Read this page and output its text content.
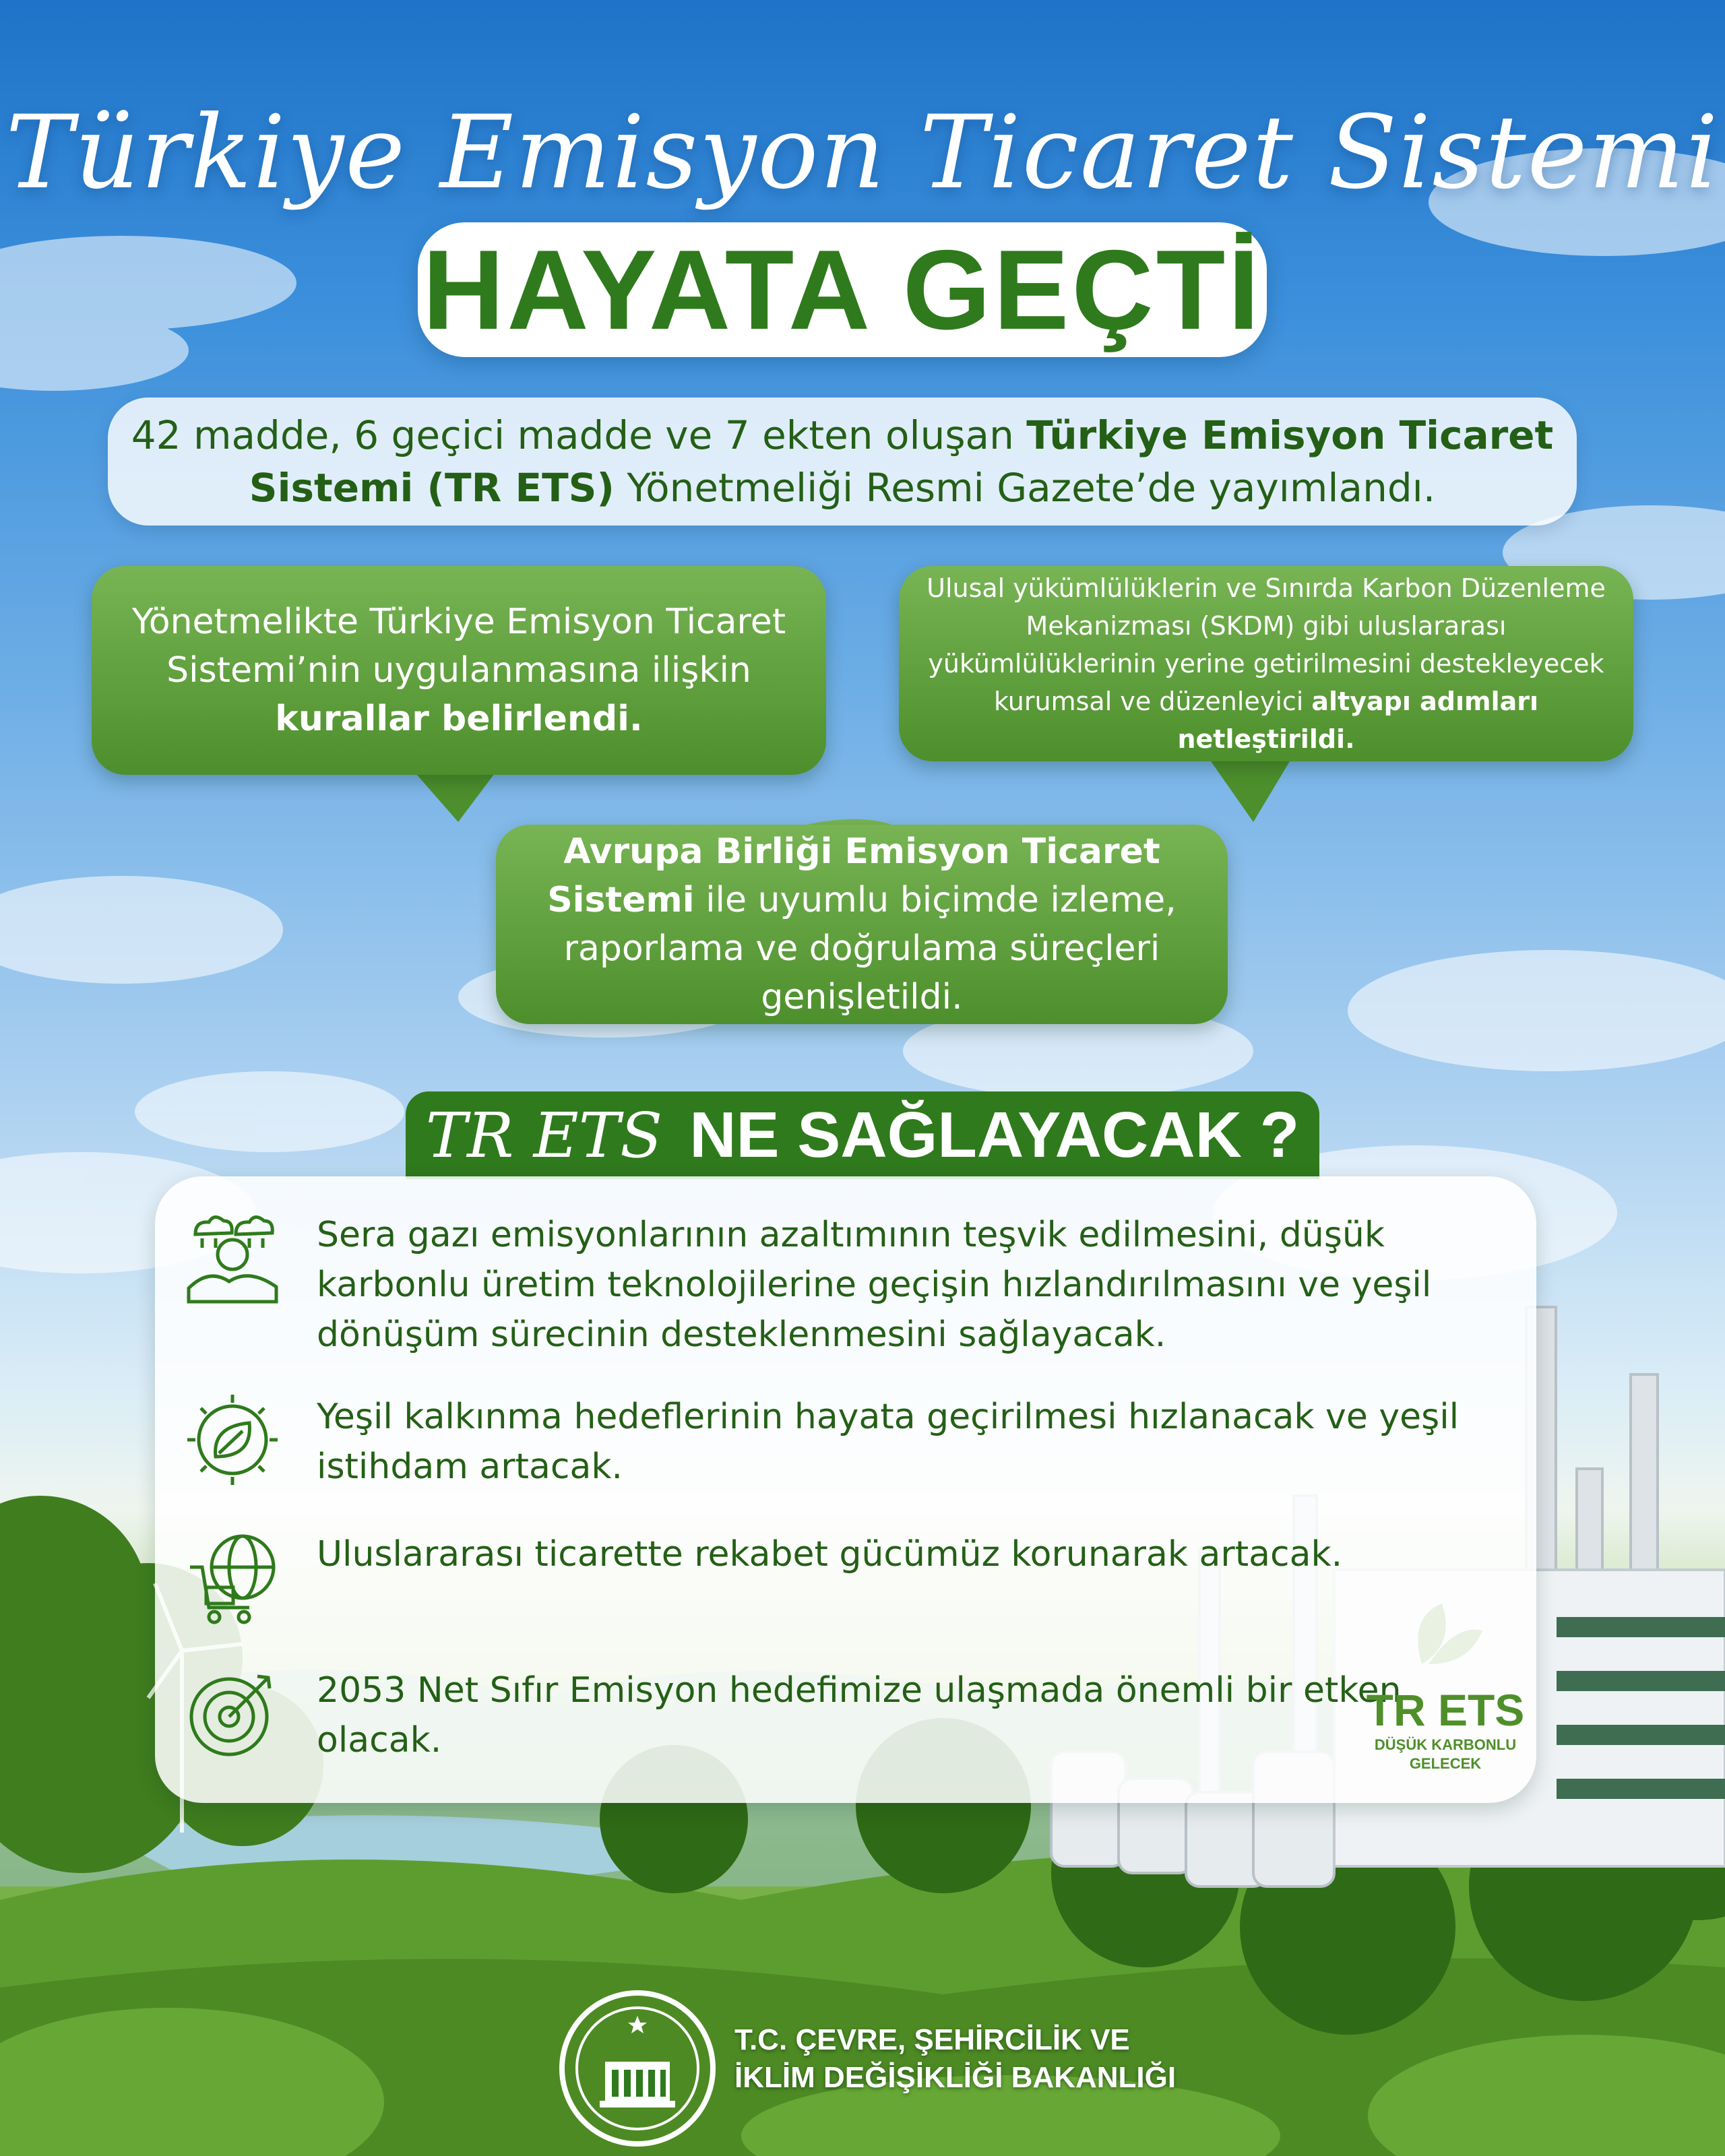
Türkiye Emisyon Ticaret Sistemi
HAYATA GEÇTİ
42 madde, 6 geçici madde ve 7 ekten oluşan Türkiye Emisyon Ticaret Sistemi (TR ETS) Yönetmeliği Resmi Gazete’de yayımlandı.
Yönetmelikte Türkiye Emisyon Ticaret Sistemi’nin uygulanmasına ilişkin kurallar belirlendi.
Ulusal yükümlülüklerin ve Sınırda Karbon Düzenleme Mekanizması (SKDM) gibi uluslararası yükümlülüklerinin yerine getirilmesini destekleyecek kurumsal ve düzenleyici altyapı adımları netleştirildi.
Avrupa Birliği Emisyon Ticaret Sistemi ile uyumlu biçimde izleme, raporlama ve doğrulama süreçleri genişletildi.
TR ETS NE SAĞLAYACAK ?
Sera gazı emisyonlarının azaltımının teşvik edilmesini, düşük karbonlu üretim teknolojilerine geçişin hızlandırılmasını ve yeşil dönüşüm sürecinin desteklenmesini sağlayacak.
Yeşil kalkınma hedeflerinin hayata geçirilmesi hızlanacak ve yeşil istihdam artacak.
Uluslararası ticarette rekabet gücümüz korunarak artacak.
2053 Net Sıfır Emisyon hedefimize ulaşmada önemli bir etken olacak.
TR ETS
DÜŞÜK KARBONLU
GELECEK
T.C. ÇEVRE, ŞEHİRCİLİK VE
İKLİM DEĞİŞİKLİĞİ BAKANLIĞI
